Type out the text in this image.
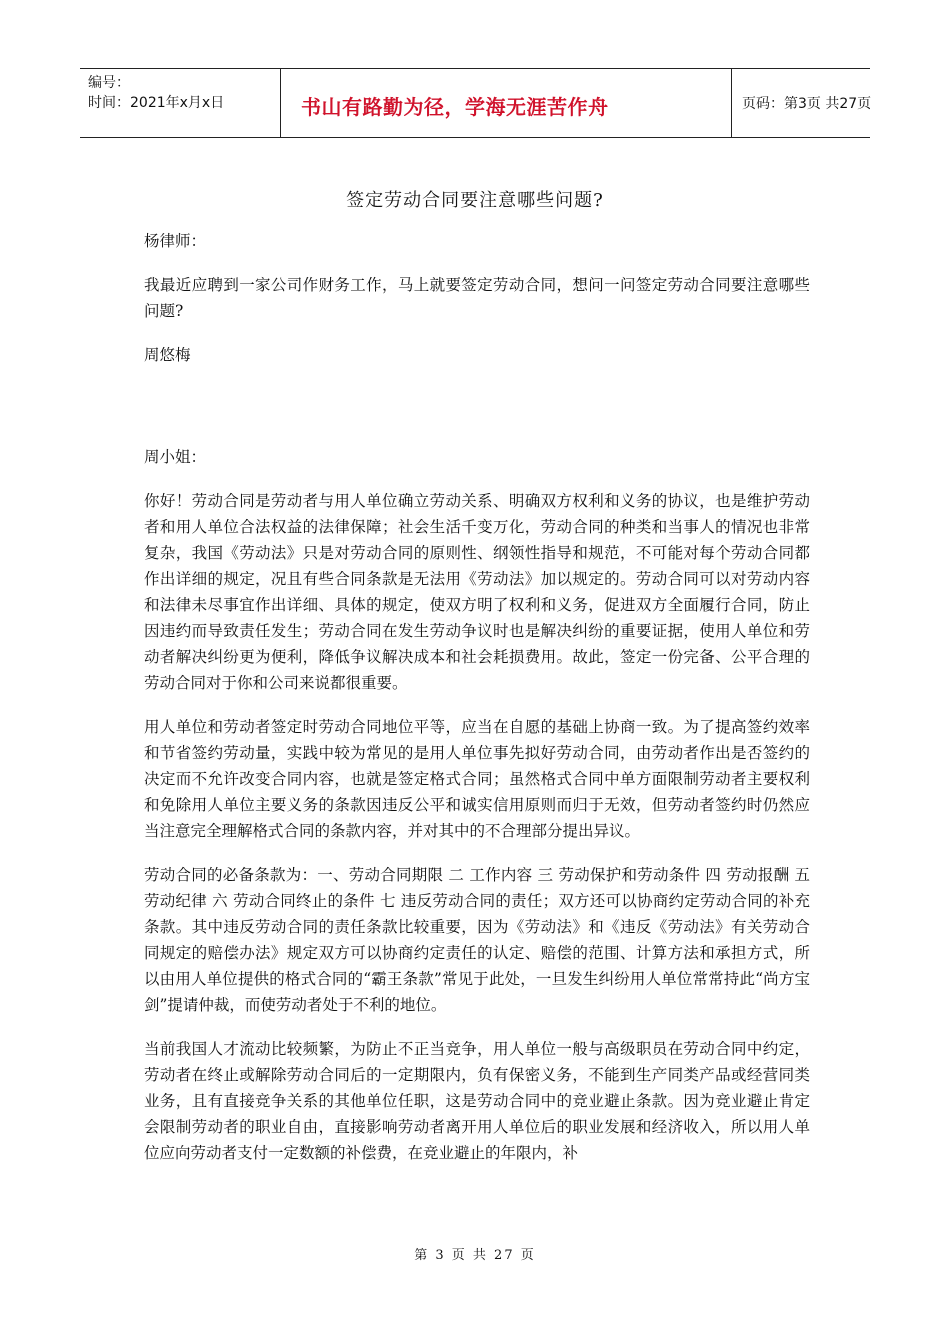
编号：
时间：2021年x月x日	书山有路勤为径，学海无涯苦作舟	页码：第3页 共27页
签定劳动合同要注意哪些问题?

杨律师：

我最近应聘到一家公司作财务工作，马上就要签定劳动合同，想问一问签定劳动合同要注意哪些问题?

周悠梅

周小姐：

你好！劳动合同是劳动者与用人单位确立劳动关系、明确双方权利和义务的协议，也是维护劳动者和用人单位合法权益的法律保障；社会生活千变万化，劳动合同的种类和当事人的情况也非常复杂，我国《劳动法》只是对劳动合同的原则性、纲领性指导和规范，不可能对每个劳动合同都作出详细的规定，况且有些合同条款是无法用《劳动法》加以规定的。劳动合同可以对劳动内容和法律未尽事宜作出详细、具体的规定，使双方明了权利和义务，促进双方全面履行合同，防止因违约而导致责任发生；劳动合同在发生劳动争议时也是解决纠纷的重要证据，使用人单位和劳动者解决纠纷更为便利，降低争议解决成本和社会耗损费用。故此，签定一份完备、公平合理的劳动合同对于你和公司来说都很重要。

用人单位和劳动者签定时劳动合同地位平等，应当在自愿的基础上协商一致。为了提高签约效率和节省签约劳动量，实践中较为常见的是用人单位事先拟好劳动合同，由劳动者作出是否签约的决定而不允许改变合同内容，也就是签定格式合同；虽然格式合同中单方面限制劳动者主要权利和免除用人单位主要义务的条款因违反公平和诚实信用原则而归于无效，但劳动者签约时仍然应当注意完全理解格式合同的条款内容，并对其中的不合理部分提出异议。

劳动合同的必备条款为：一、劳动合同期限 二 工作内容 三 劳动保护和劳动条件 四 劳动报酬 五 劳动纪律 六 劳动合同终止的条件 七 违反劳动合同的责任；双方还可以协商约定劳动合同的补充条款。其中违反劳动合同的责任条款比较重要，因为《劳动法》和《违反《劳动法》有关劳动合同规定的赔偿办法》规定双方可以协商约定责任的认定、赔偿的范围、计算方法和承担方式，所以由用人单位提供的格式合同的“霸王条款”常见于此处，一旦发生纠纷用人单位常常持此“尚方宝剑”提请仲裁，而使劳动者处于不利的地位。

当前我国人才流动比较频繁，为防止不正当竞争，用人单位一般与高级职员在劳动合同中约定，劳动者在终止或解除劳动合同后的一定期限内，负有保密义务，不能到生产同类产品或经营同类业务，且有直接竞争关系的其他单位任职，这是劳动合同中的竞业避止条款。因为竞业避止肯定会限制劳动者的职业自由，直接影响劳动者离开用人单位后的职业发展和经济收入，所以用人单位应向劳动者支付一定数额的补偿费，在竞业避止的年限内，补

第 3 页 共 27 页
